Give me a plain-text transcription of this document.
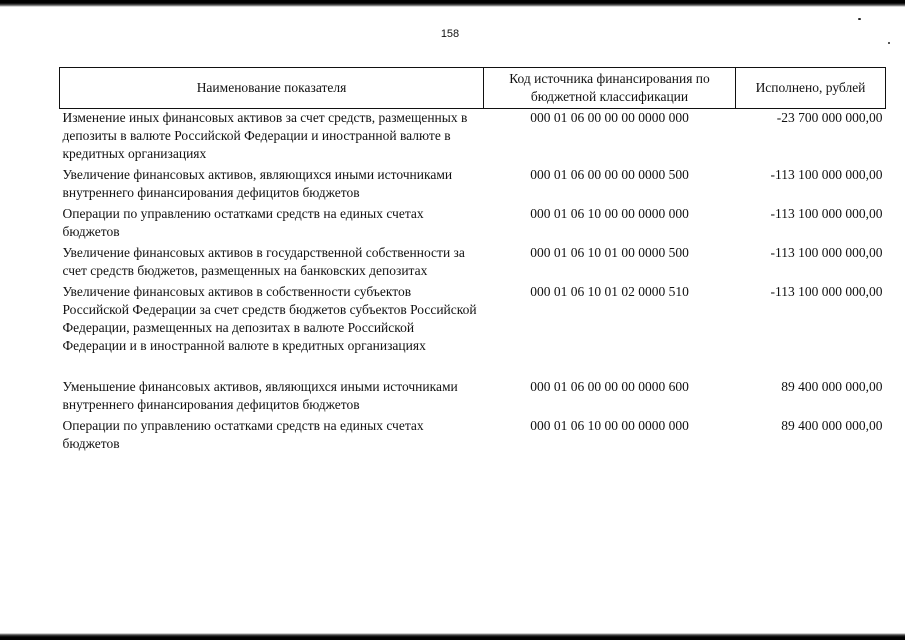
158
Наименование показателя	Код источника финансирования по бюджетной классификации	Исполнено, рублей
Изменение иных финансовых активов за счет средств, размещенных в депозиты в валюте Российской Федерации и иностранной валюте в кредитных организациях	000 01 06 00 00 00 0000 000	-23 700 000 000,00
Увеличение финансовых активов, являющихся иными источниками внутреннего финансирования дефицитов бюджетов	000 01 06 00 00 00 0000 500	-113 100 000 000,00
Операции по управлению остатками средств на единых счетах бюджетов	000 01 06 10 00 00 0000 000	-113 100 000 000,00
Увеличение финансовых активов в государственной собственности за счет средств бюджетов, размещенных на банковских депозитах	000 01 06 10 01 00 0000 500	-113 100 000 000,00
Увеличение финансовых активов в собственности субъектов Российской Федерации за счет средств бюджетов субъектов Российской Федерации, размещенных на депозитах в валюте Российской Федерации и в иностранной валюте в кредитных организациях	000 01 06 10 01 02 0000 510	-113 100 000 000,00

Уменьшение финансовых активов, являющихся иными источниками внутреннего финансирования дефицитов бюджетов	000 01 06 00 00 00 0000 600	89 400 000 000,00
Операции по управлению остатками средств на единых счетах бюджетов	000 01 06 10 00 00 0000 000	89 400 000 000,00
